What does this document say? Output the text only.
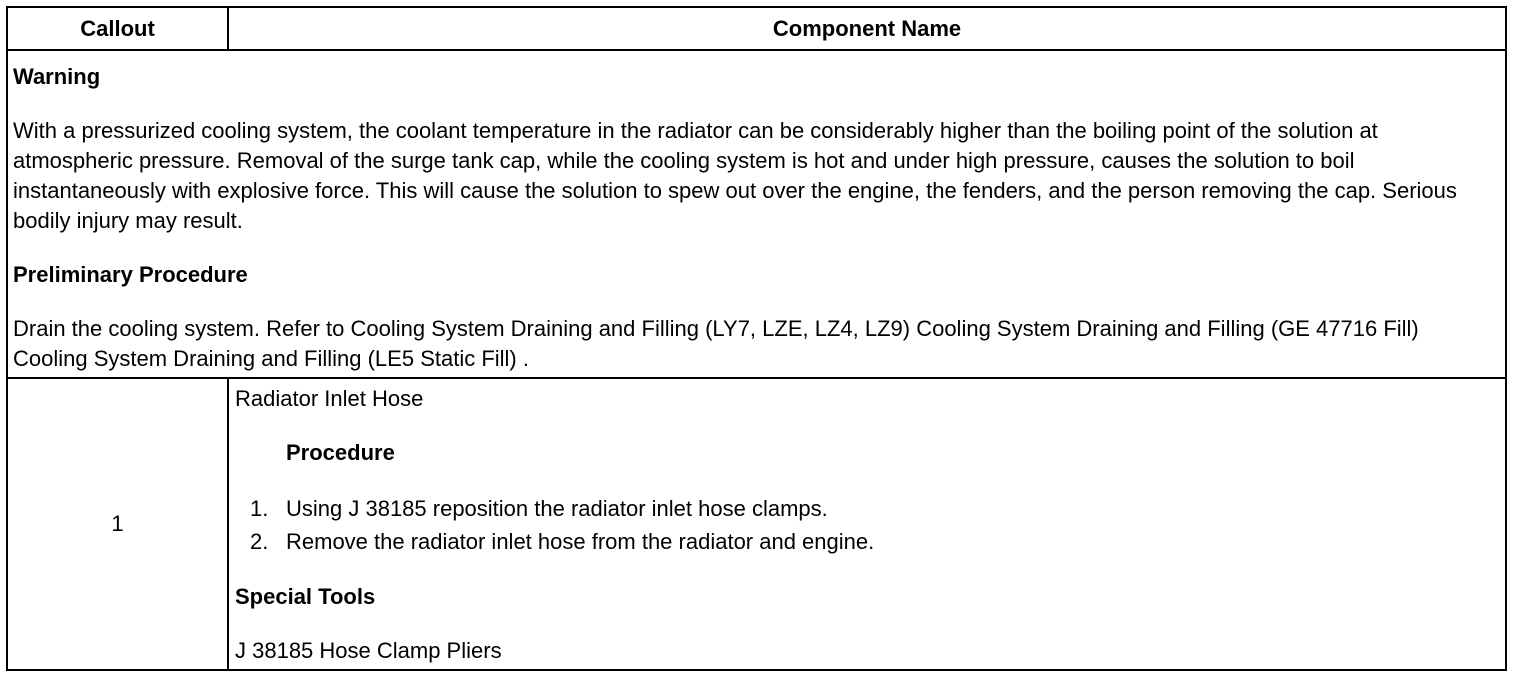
Callout	Component Name

Warning

With a pressurized cooling system, the coolant temperature in the radiator can be considerably higher than the boiling point of the solution at atmospheric pressure. Removal of the surge tank cap, while the cooling system is hot and under high pressure, causes the solution to boil instantaneously with explosive force. This will cause the solution to spew out over the engine, the fenders, and the person removing the cap. Serious bodily injury may result.

Preliminary Procedure

Drain the cooling system. Refer to Cooling System Draining and Filling (LY7, LZE, LZ4, LZ9) Cooling System Draining and Filling (GE 47716 Fill) Cooling System Draining and Filling (LE5 Static Fill) .

1

Radiator Inlet Hose

Procedure

1. Using J 38185 reposition the radiator inlet hose clamps.
2. Remove the radiator inlet hose from the radiator and engine.

Special Tools

J 38185 Hose Clamp Pliers
